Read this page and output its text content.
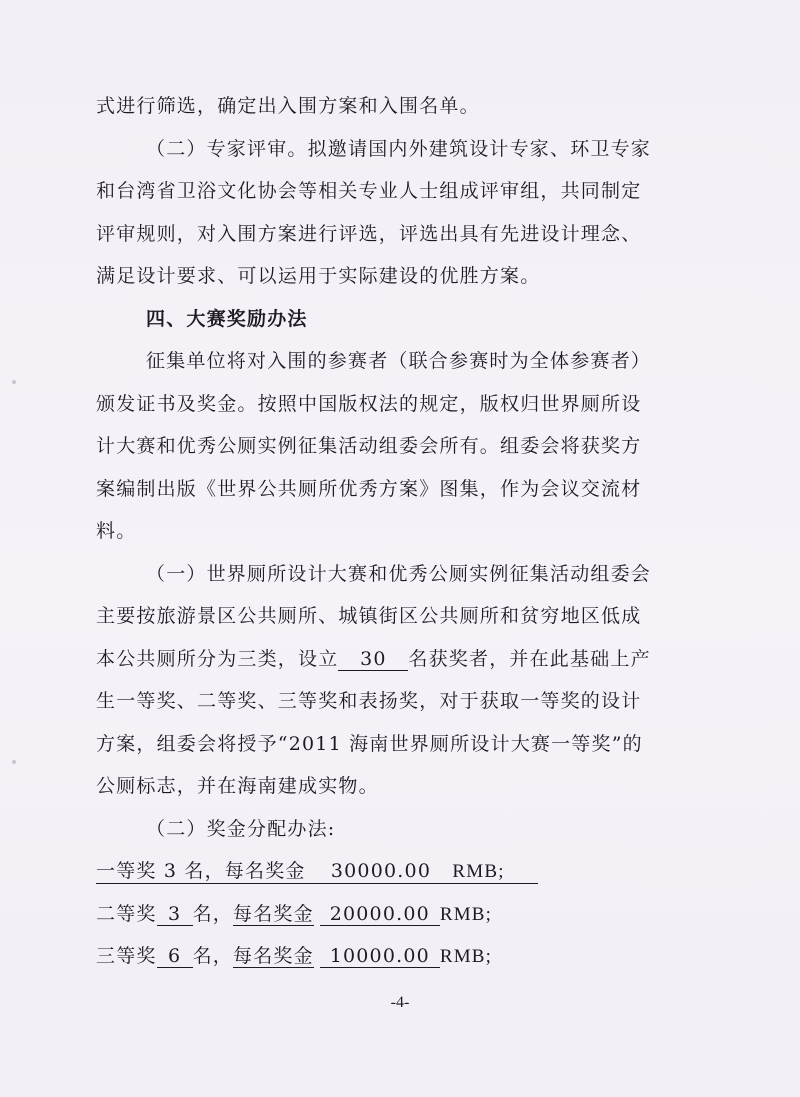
式进行筛选，确定出入围方案和入围名单。
（二）专家评审。拟邀请国内外建筑设计专家、环卫专家
和台湾省卫浴文化协会等相关专业人士组成评审组，共同制定
评审规则，对入围方案进行评选，评选出具有先进设计理念、
满足设计要求、可以运用于实际建设的优胜方案。
四、大赛奖励办法
征集单位将对入围的参赛者（联合参赛时为全体参赛者）
颁发证书及奖金。按照中国版权法的规定，版权归世界厕所设
计大赛和优秀公厕实例征集活动组委会所有。组委会将获奖方
案编制出版《世界公共厕所优秀方案》图集，作为会议交流材
料。
（一）世界厕所设计大赛和优秀公厕实例征集活动组委会
主要按旅游景区公共厕所、城镇街区公共厕所和贫穷地区低成
本公共厕所分为三类，设立 30 名获奖者，并在此基础上产
生一等奖、二等奖、三等奖和表扬奖，对于获取一等奖的设计
方案，组委会将授予“2011 海南世界厕所设计大赛一等奖”的
公厕标志，并在海南建成实物。
（二）奖金分配办法:
一等奖 3 名，每名奖金 30000.00 RMB;
二等奖 3 名，每名奖金 20000.00 RMB;
三等奖 6 名，每名奖金 10000.00 RMB;
-4-
